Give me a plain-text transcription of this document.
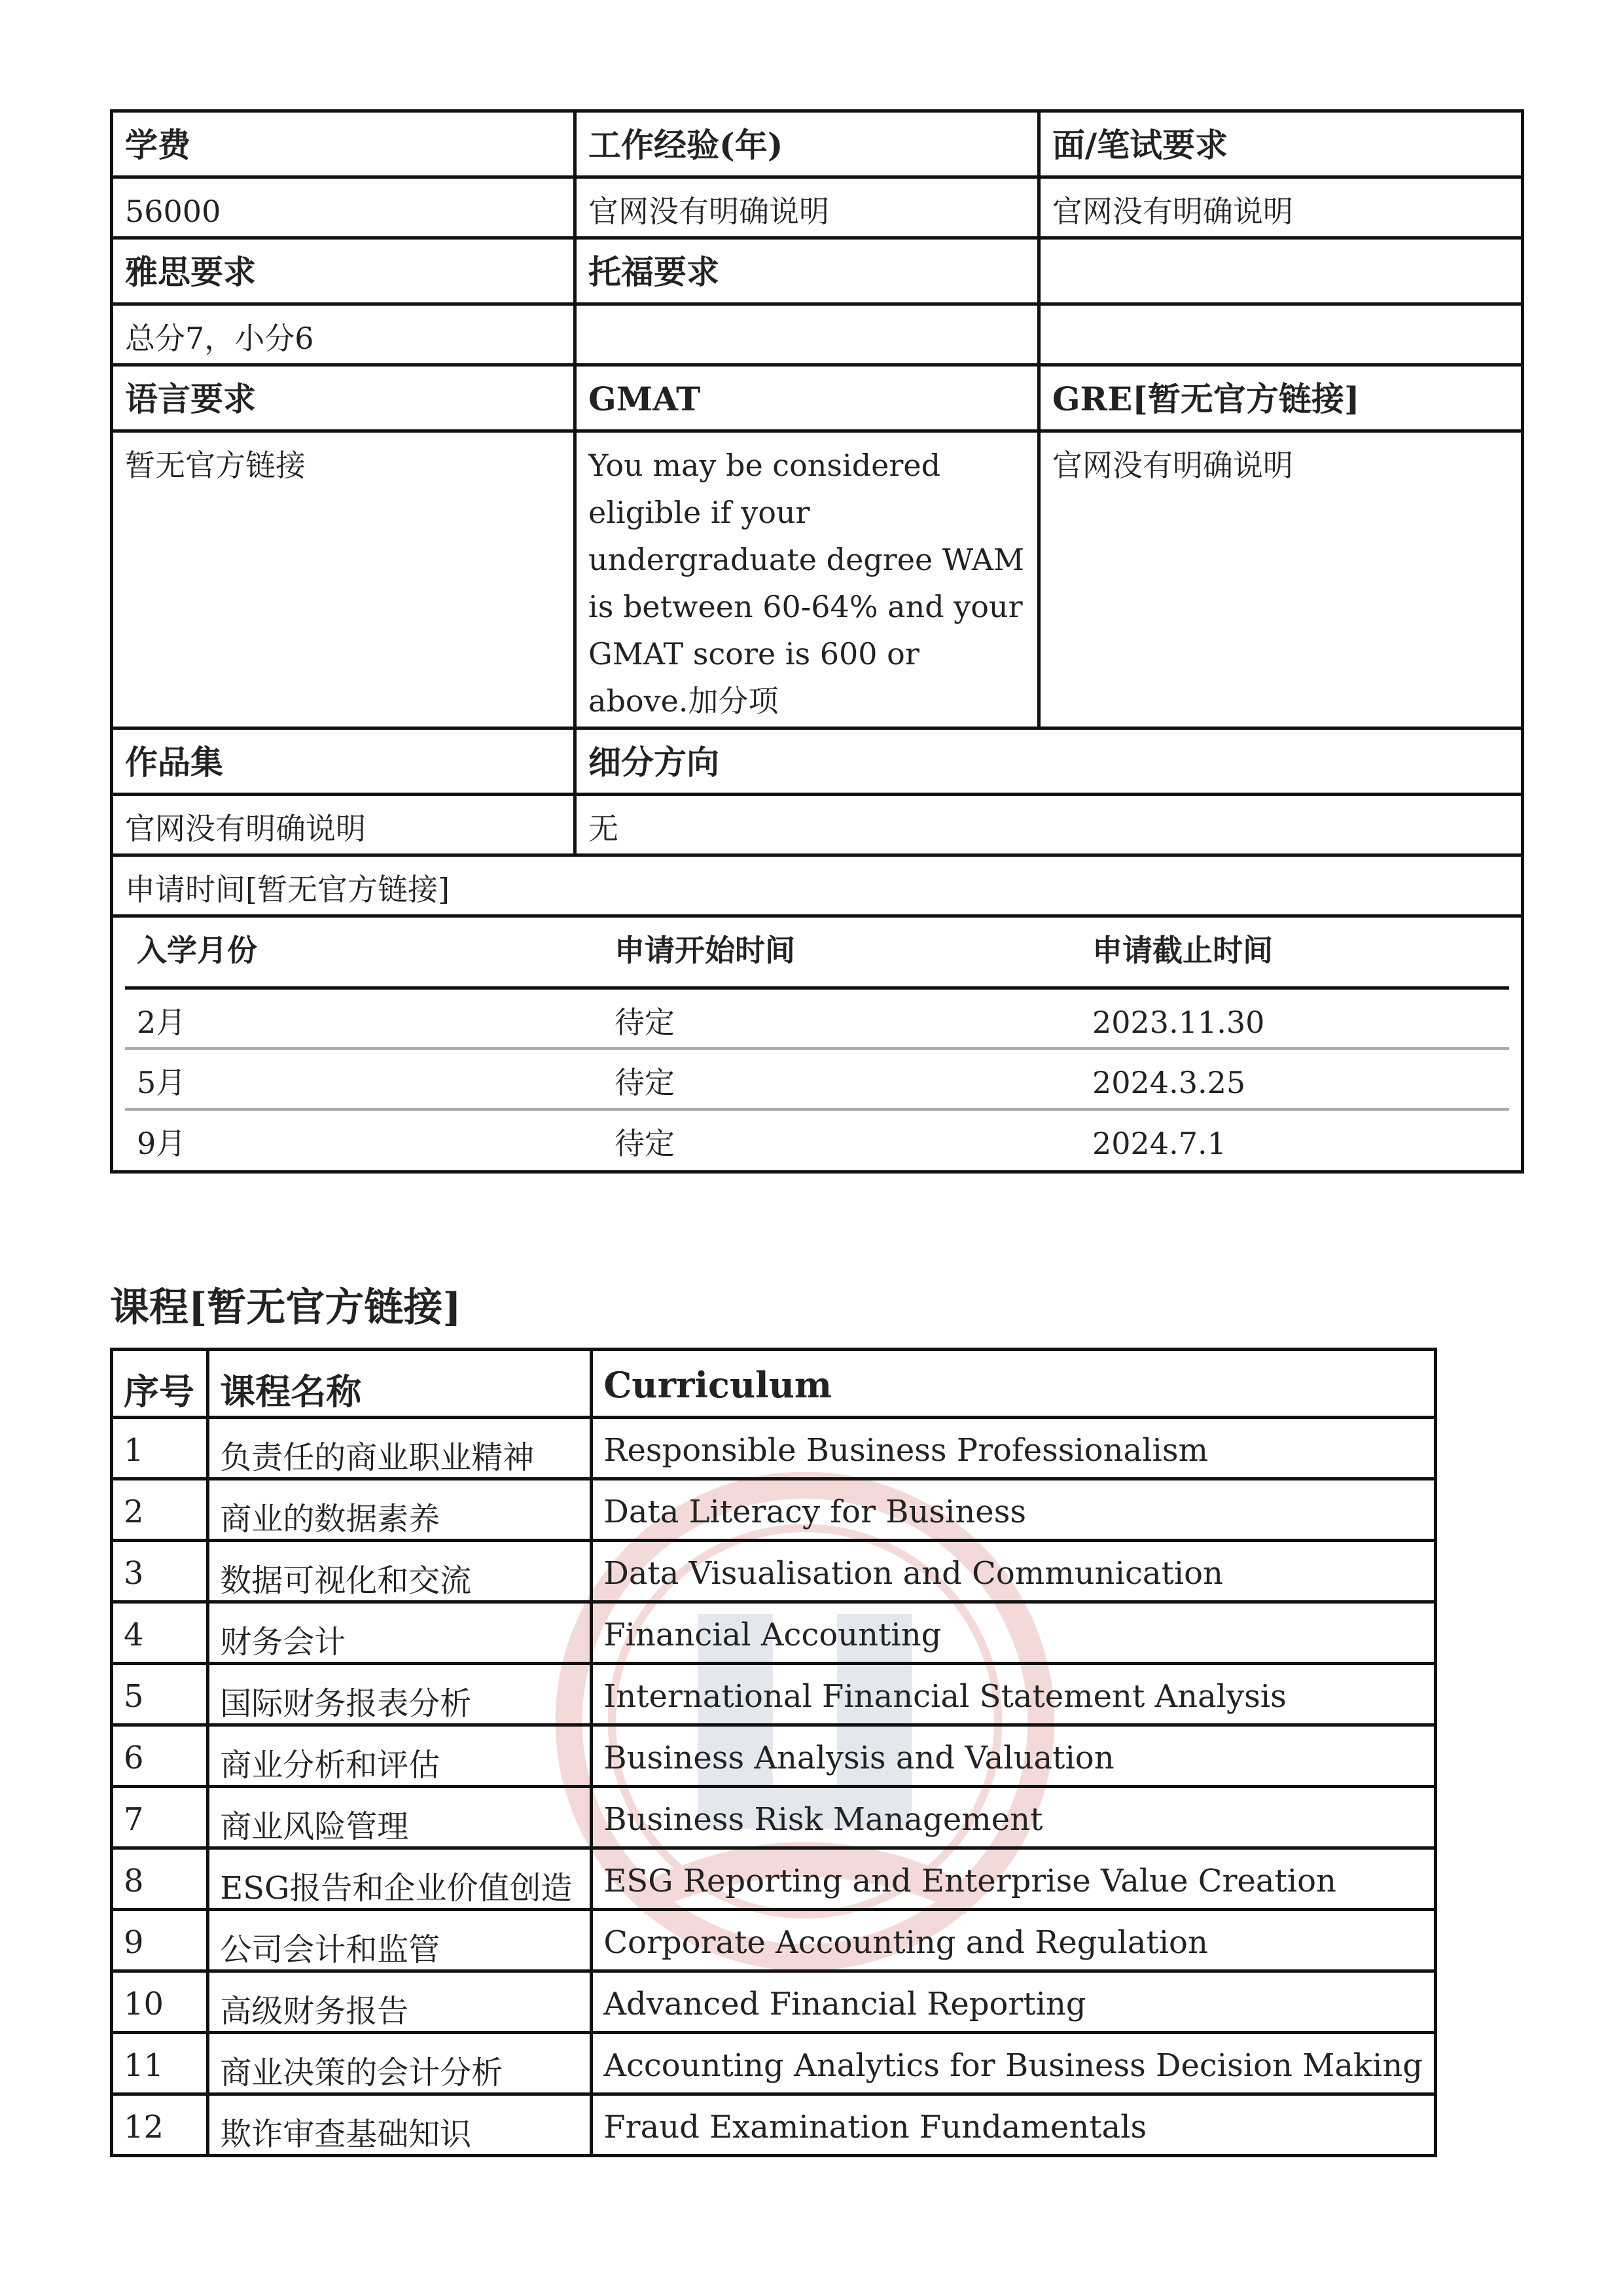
学费	工作经验(年)	面/笔试要求
56000	官网没有明确说明	官网没有明确说明
雅思要求	托福要求	
总分7，小分6		
语言要求	GMAT	GRE[暂无官方链接]
暂无官方链接	You may be considered eligible if your undergraduate degree WAM is between 60-64% and your GMAT score is 600 or above.加分项	官网没有明确说明
作品集	细分方向
官网没有明确说明	无
申请时间[暂无官方链接]

入学月份	申请开始时间	申请截止时间
2月	待定	2023.11.30
5月	待定	2024.3.25
9月	待定	2024.7.1
课程[暂无官方链接]
序号	课程名称	Curriculum
1	负责任的商业职业精神	Responsible Business Professionalism
2	商业的数据素养	Data Literacy for Business
3	数据可视化和交流	Data Visualisation and Communication
4	财务会计	Financial Accounting
5	国际财务报表分析	International Financial Statement Analysis
6	商业分析和评估	Business Analysis and Valuation
7	商业风险管理	Business Risk Management
8	ESG报告和企业价值创造	ESG Reporting and Enterprise Value Creation
9	公司会计和监管	Corporate Accounting and Regulation
10	高级财务报告	Advanced Financial Reporting
11	商业决策的会计分析	Accounting Analytics for Business Decision Making
12	欺诈审查基础知识	Fraud Examination Fundamentals
